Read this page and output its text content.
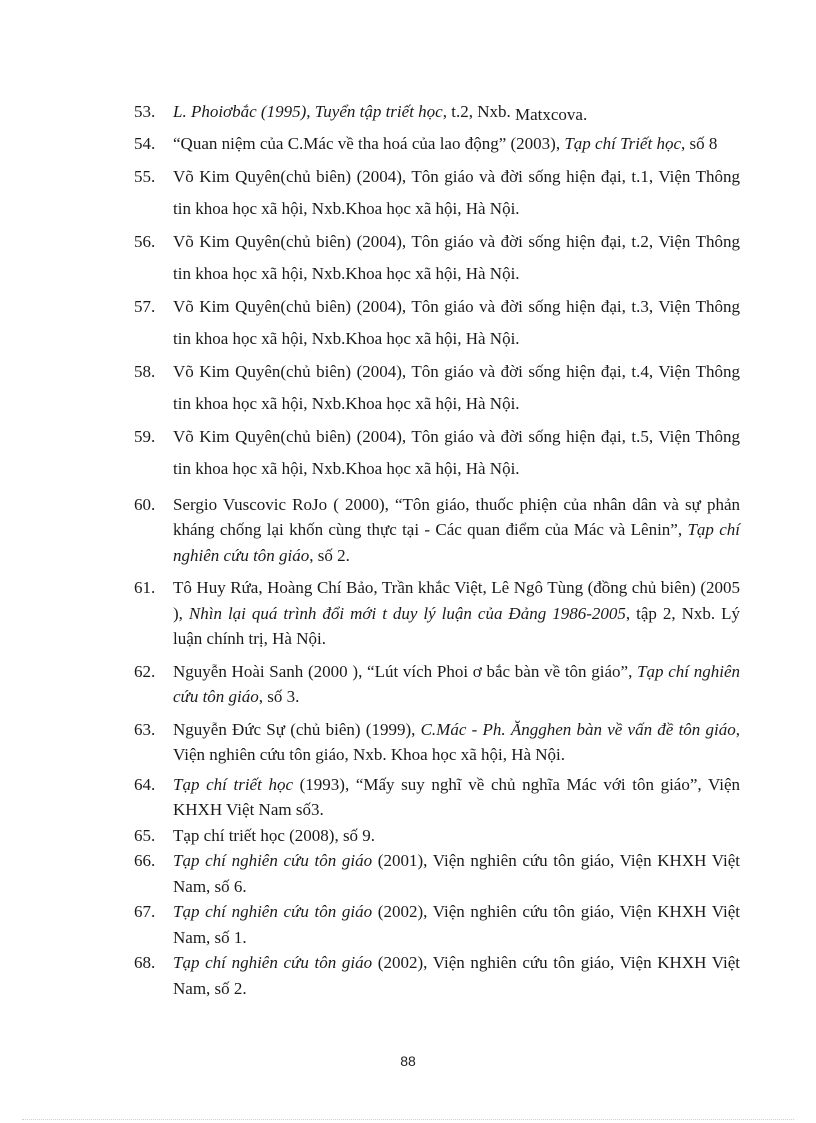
53. L. Phoiơbắc (1995), Tuyển tập triết học, t.2, Nxb. Matxcova.
54. “Quan niệm của C.Mác về tha hoá của lao động” (2003), Tạp chí Triết học, số 8
55. Võ Kim Quyên(chủ biên) (2004), Tôn giáo và đời sống hiện đại, t.1, Viện Thông tin khoa học xã hội, Nxb.Khoa học xã hội, Hà Nội.
56. Võ Kim Quyên(chủ biên) (2004), Tôn giáo và đời sống hiện đại, t.2, Viện Thông tin khoa học xã hội, Nxb.Khoa học xã hội, Hà Nội.
57. Võ Kim Quyên(chủ biên) (2004), Tôn giáo và đời sống hiện đại, t.3, Viện Thông tin khoa học xã hội, Nxb.Khoa học xã hội, Hà Nội.
58. Võ Kim Quyên(chủ biên) (2004), Tôn giáo và đời sống hiện đại, t.4, Viện Thông tin khoa học xã hội, Nxb.Khoa học xã hội, Hà Nội.
59. Võ Kim Quyên(chủ biên) (2004), Tôn giáo và đời sống hiện đại, t.5, Viện Thông tin khoa học xã hội, Nxb.Khoa học xã hội, Hà Nội.
60. Sergio Vuscovic RoJo ( 2000), “Tôn giáo, thuốc phiện của nhân dân và sự phản kháng chống lại khốn cùng thực tại - Các quan điểm của Mác và Lênin”, Tạp chí nghiên cứu tôn giáo, số 2.
61. Tô Huy Rứa, Hoàng Chí Bảo, Trần khắc Việt, Lê Ngô Tùng (đồng chủ biên) (2005 ), Nhìn lại quá trình đổi mới t duy lý luận của Đảng 1986-2005, tập 2, Nxb. Lý luận chính trị, Hà Nội.
62. Nguyễn Hoài Sanh (2000 ), “Lút vích Phoi ơ bắc bàn về tôn giáo”, Tạp chí nghiên cứu tôn giáo, số 3.
63. Nguyễn Đức Sự (chủ biên) (1999), C.Mác - Ph. Ăngghen bàn về vấn đề tôn giáo, Viện nghiên cứu tôn giáo, Nxb. Khoa học xã hội, Hà Nội.
64. Tạp chí triết học (1993), “Mấy suy nghĩ về chủ nghĩa Mác với tôn giáo”, Viện KHXH Việt Nam số3.
65. Tạp chí triết học (2008), số 9.
66. Tạp chí nghiên cứu tôn giáo (2001), Viện nghiên cứu tôn giáo, Viện KHXH Việt Nam, số 6.
67. Tạp chí nghiên cứu tôn giáo (2002), Viện nghiên cứu tôn giáo, Viện KHXH Việt Nam, số 1.
68. Tạp chí nghiên cứu tôn giáo (2002), Viện nghiên cứu tôn giáo, Viện KHXH Việt Nam, số 2.
88
